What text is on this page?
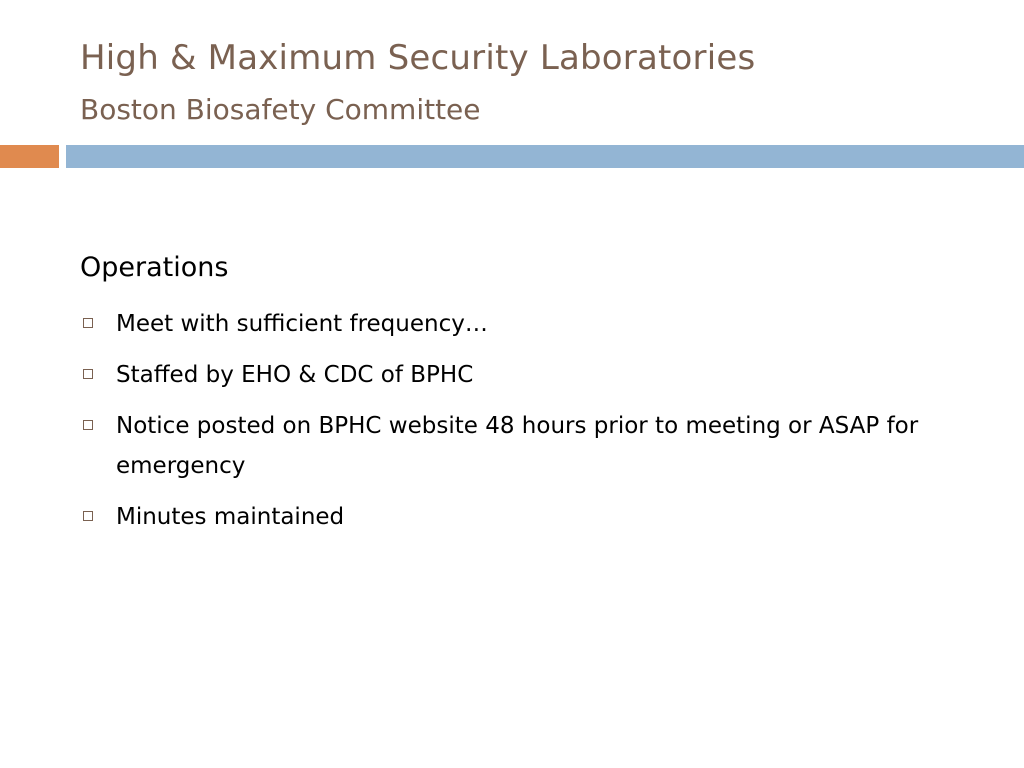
High & Maximum Security Laboratories
Boston Biosafety Committee
Operations
Meet with sufficient frequency…
Staffed by EHO & CDC of BPHC
Notice posted on BPHC website 48 hours prior to meeting or ASAP for emergency
Minutes maintained
